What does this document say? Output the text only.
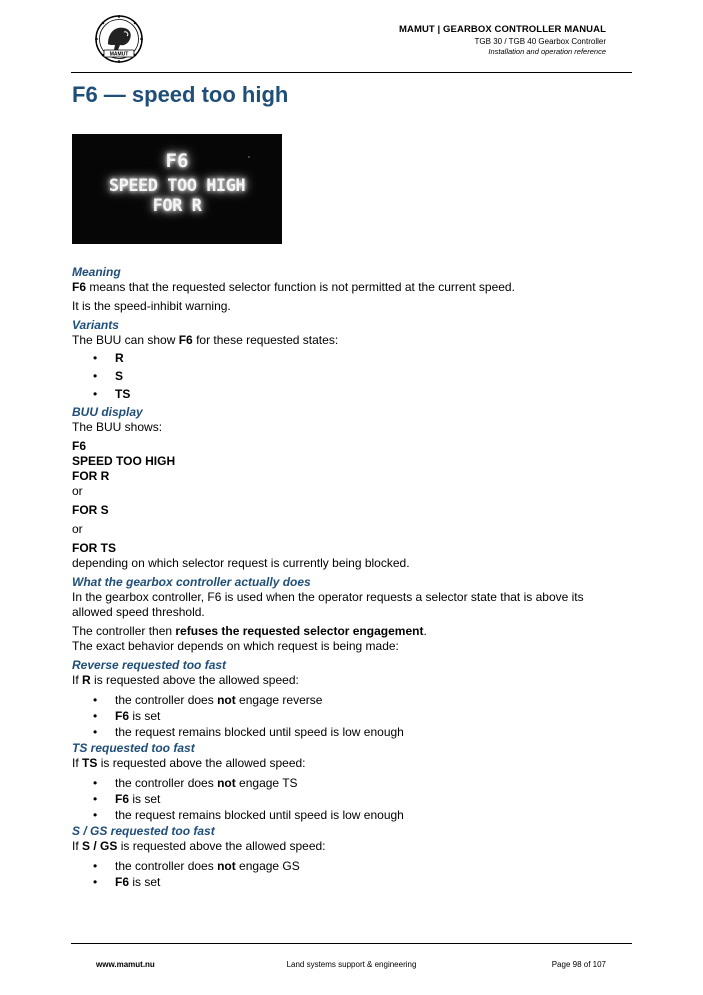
MAMUT
MAMUT | GEARBOX CONTROLLER MANUAL
TGB 30 / TGB 40 Gearbox Controller
Installation and operation reference
F6 — speed too high
F6
SPEED TOO HIGH
FOR R
Meaning

F6 means that the requested selector function is not permitted at the current speed.

It is the speed-inhibit warning.

Variants

The BUU can show F6 for these requested states:

• R
• S
• TS
BUU display

The BUU shows:

F6

SPEED TOO HIGH

FOR R

or

FOR S

or

FOR TS

depending on which selector request is currently being blocked.

What the gearbox controller actually does

In the gearbox controller, F6 is used when the operator requests a selector state that is above its allowed speed threshold.

The controller then refuses the requested selector engagement.

The exact behavior depends on which request is being made:

Reverse requested too fast

If R is requested above the allowed speed:

• the controller does not engage reverse
• F6 is set
• the request remains blocked until speed is low enough
TS requested too fast

If TS is requested above the allowed speed:

• the controller does not engage TS
• F6 is set
• the request remains blocked until speed is low enough
S / GS requested too fast

If S / GS is requested above the allowed speed:

• the controller does not engage GS
• F6 is set
www.mamut.nu	Land systems support & engineering	Page 98 of 107
